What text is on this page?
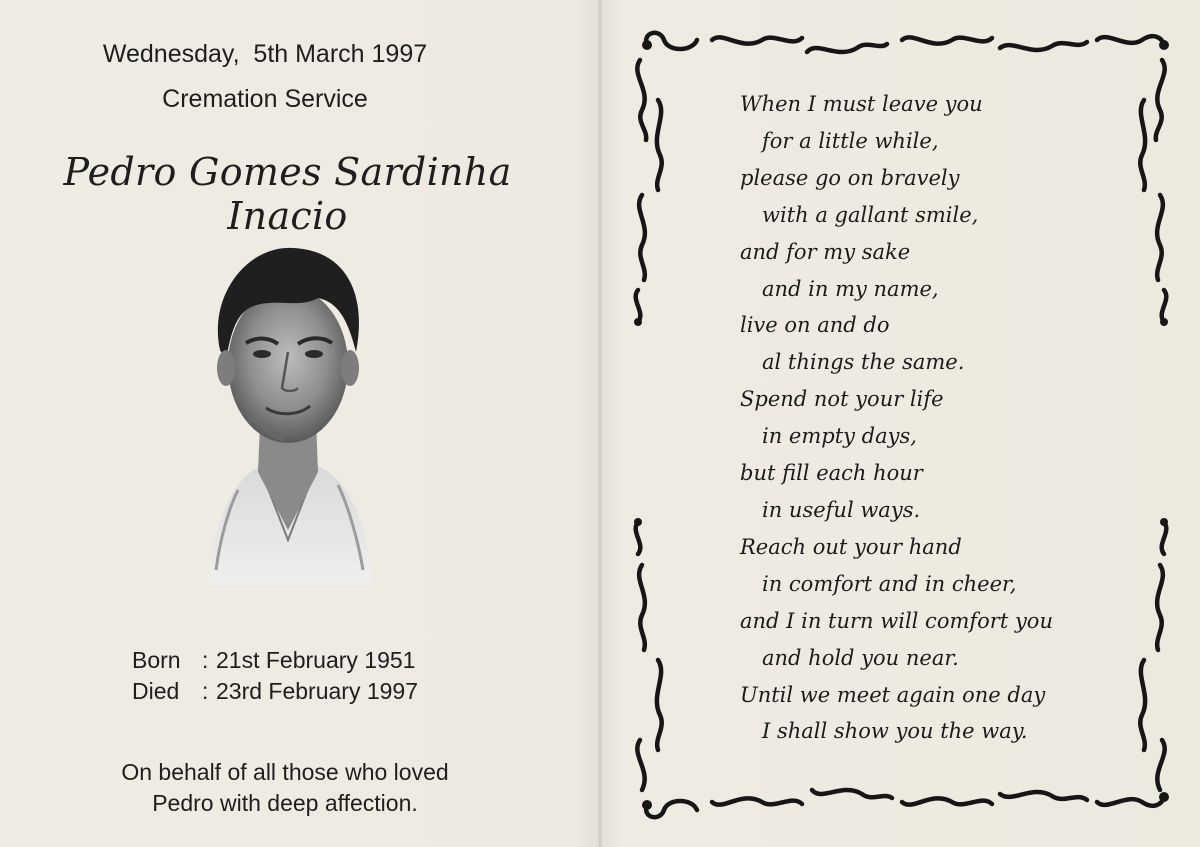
Wednesday,  5th March 1997
Cremation Service
Pedro Gomes Sardinha Inacio
Born : 21st February 1951
Died : 23rd February 1997
On behalf of all those who loved
Pedro with deep affection.
When I must leave you
for a little while,
please go on bravely
with a gallant smile,
and for my sake
and in my name,
live on and do
al things the same.
Spend not your life
in empty days,
but fill each hour
in useful ways.
Reach out your hand
in comfort and in cheer,
and I in turn will comfort you
and hold you near.
Until we meet again one day
I shall show you the way.
